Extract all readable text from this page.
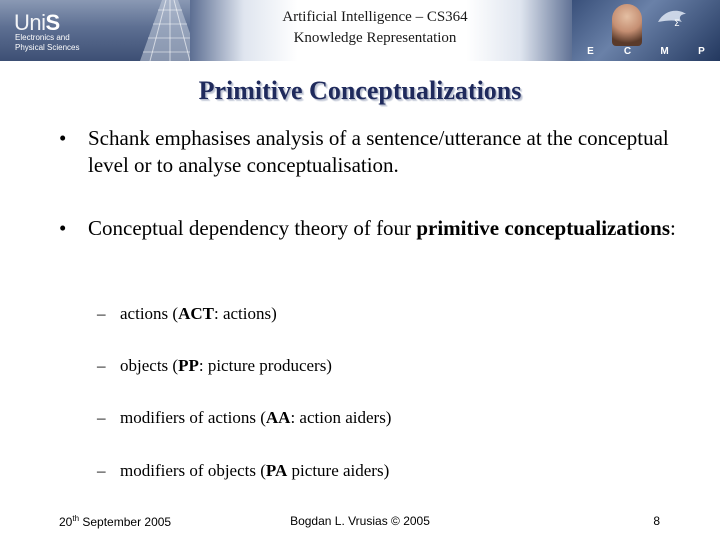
UniS
Electronics and
Physical Sciences
Artificial Intelligence – CS364
Knowledge Representation
Σ
E	C	M	P
Primitive Conceptualizations
• Schank emphasises analysis of a sentence/utterance at the conceptual level or to analyse conceptualisation.
• Conceptual dependency theory of four primitive conceptualizations:
– actions (ACT: actions)
– objects (PP: picture producers)
– modifiers of actions (AA: action aiders)
– modifiers of objects (PA picture aiders)
20th September 2005	Bogdan L. Vrusias © 2005	8
